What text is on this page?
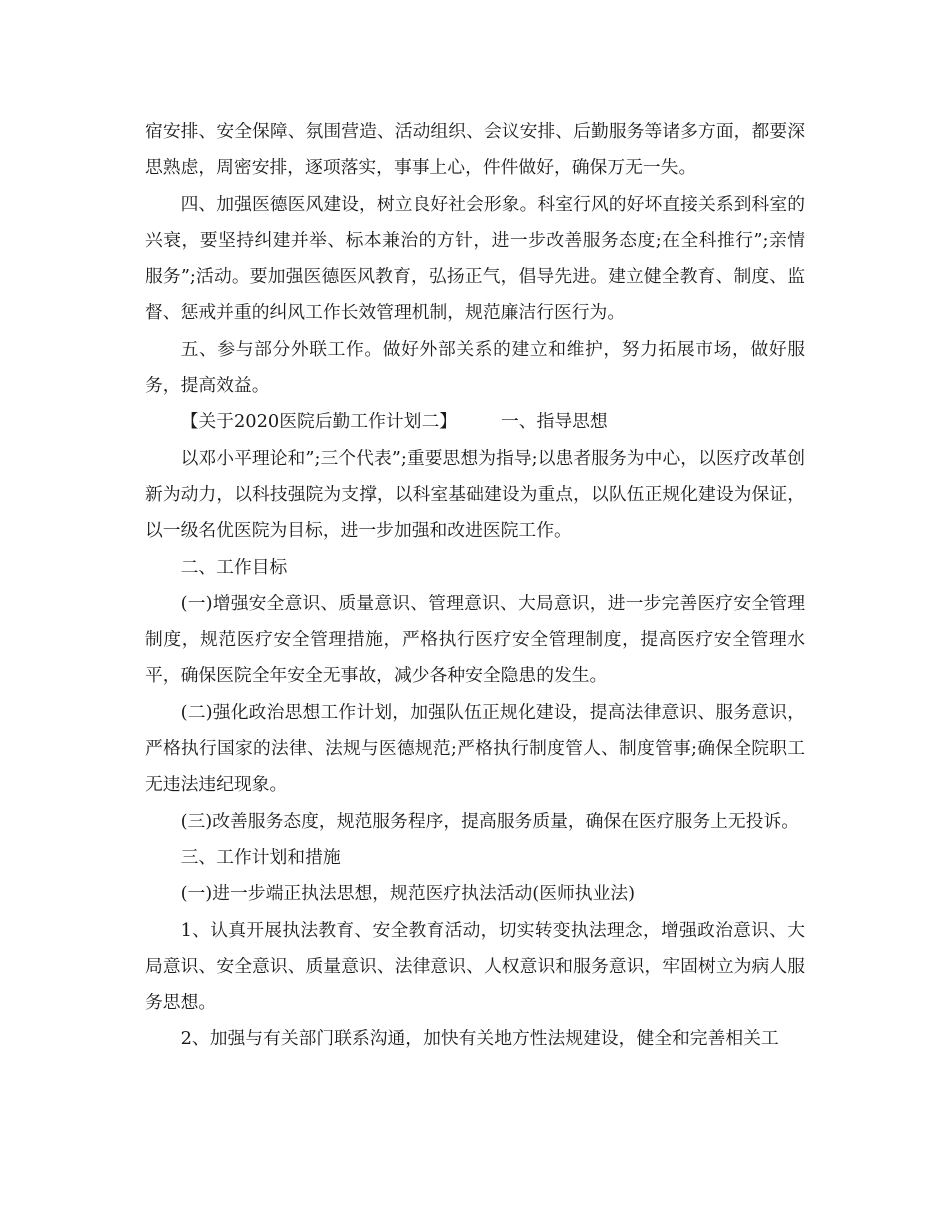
宿安排、安全保障、氛围营造、活动组织、会议安排、后勤服务等诸多方面，都要深思熟虑，周密安排，逐项落实，事事上心，件件做好，确保万无一失。

四、加强医德医风建设，树立良好社会形象。科室行风的好坏直接关系到科室的兴衰，要坚持纠建并举、标本兼治的方针，进一步改善服务态度;在全科推行”;亲情服务”;活动。要加强医德医风教育，弘扬正气，倡导先进。建立健全教育、制度、监督、惩戒并重的纠风工作长效管理机制，规范廉洁行医行为。

五、参与部分外联工作。做好外部关系的建立和维护，努力拓展市场，做好服务，提高效益。

【关于2020医院后勤工作计划二】 一、指导思想

以邓小平理论和”;三个代表”;重要思想为指导;以患者服务为中心，以医疗改革创新为动力，以科技强院为支撑，以科室基础建设为重点，以队伍正规化建设为保证，以一级名优医院为目标，进一步加强和改进医院工作。

二、工作目标

(一)增强安全意识、质量意识、管理意识、大局意识，进一步完善医疗安全管理制度，规范医疗安全管理措施，严格执行医疗安全管理制度，提高医疗安全管理水平，确保医院全年安全无事故，减少各种安全隐患的发生。

(二)强化政治思想工作计划，加强队伍正规化建设，提高法律意识、服务意识，严格执行国家的法律、法规与医德规范;严格执行制度管人、制度管事;确保全院职工无违法违纪现象。

(三)改善服务态度，规范服务程序，提高服务质量，确保在医疗服务上无投诉。

三、工作计划和措施

(一)进一步端正执法思想，规范医疗执法活动(医师执业法)

1、认真开展执法教育、安全教育活动，切实转变执法理念，增强政治意识、大局意识、安全意识、质量意识、法律意识、人权意识和服务意识，牢固树立为病人服务思想。

2、加强与有关部门联系沟通，加快有关地方性法规建设，健全和完善相关工
